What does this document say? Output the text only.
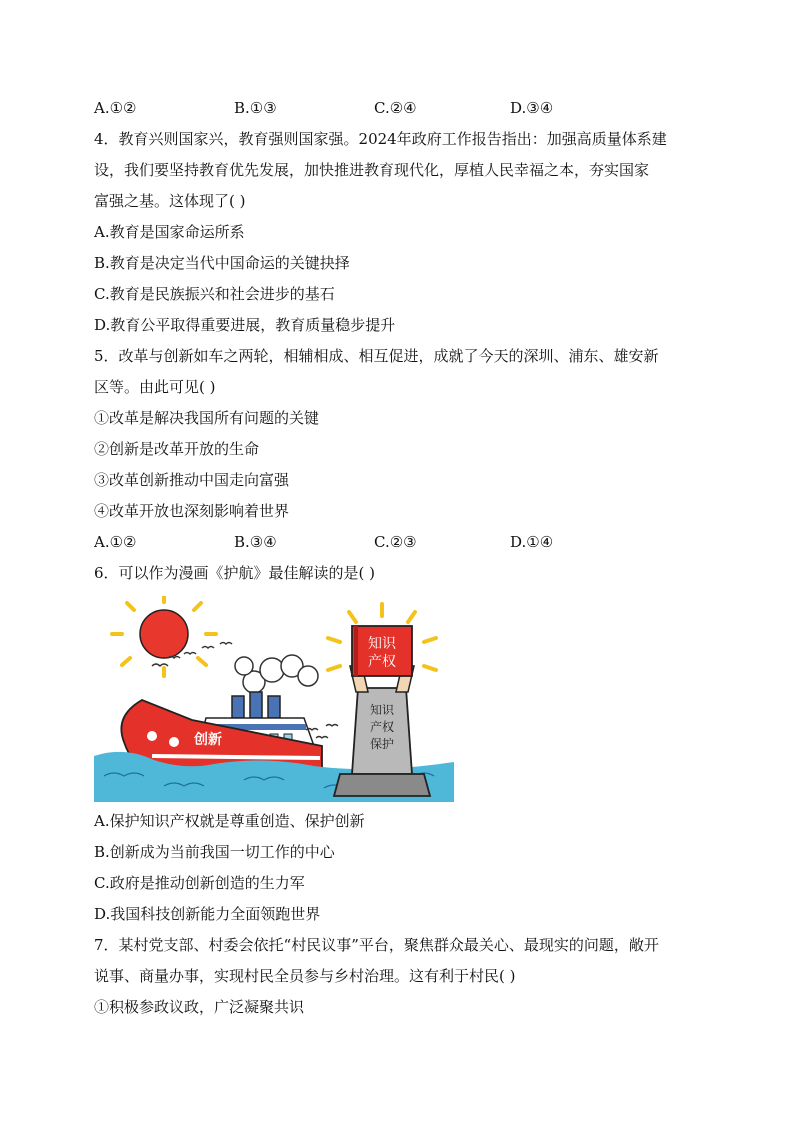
A.①②	B.①③	C.②④	D.③④
4．教育兴则国家兴，教育强则国家强。2024年政府工作报告指出：加强高质量体系建
设，我们要坚持教育优先发展，加快推进教育现代化，厚植人民幸福之本，夯实国家
富强之基。这体现了( )
A.教育是国家命运所系
B.教育是决定当代中国命运的关键抉择
C.教育是民族振兴和社会进步的基石
D.教育公平取得重要进展，教育质量稳步提升
5．改革与创新如车之两轮，相辅相成、相互促进，成就了今天的深圳、浦东、雄安新
区等。由此可见( )
①改革是解决我国所有问题的关键
②创新是改革开放的生命
③改革创新推动中国走向富强
④改革开放也深刻影响着世界
A.①②	B.③④	C.②③	D.①④
6．可以作为漫画《护航》最佳解读的是( )
创新
知识
产权
知识
产权
保护
A.保护知识产权就是尊重创造、保护创新
B.创新成为当前我国一切工作的中心
C.政府是推动创新创造的生力军
D.我国科技创新能力全面领跑世界
7．某村党支部、村委会依托“村民议事”平台，聚焦群众最关心、最现实的问题，敞开
说事、商量办事，实现村民全员参与乡村治理。这有利于村民( )
①积极参政议政，广泛凝聚共识
